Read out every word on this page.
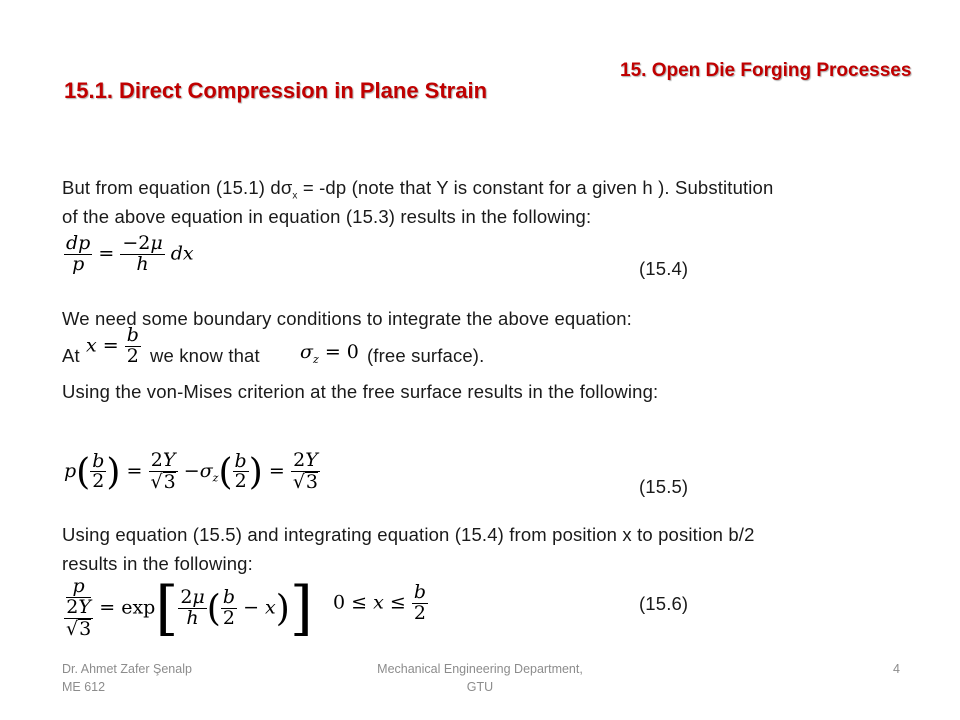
15. Open Die Forging Processes
15.1. Direct Compression in Plane Strain
But from equation (15.1) $d\sigma_x = -dp$ (note that Y is constant for a given h ). Substitution
of the above equation in equation (15.3) results in the following:
$\frac{dp}{p} = \frac{-2\mu}{h}$ dx
(15.4)
We need some boundary conditions to integrate the above equation:
At $x = \frac{b}{2}$ we know that $\sigma_z = 0$ (free surface).
Using the von-Mises criterion at the free surface results in the following:
$p( \frac{b}{2}$ ) = $\frac{2Y}{√3} -\sigma_z( \frac{b}{2}$ ) = $\frac{2Y}{√3}$	(15.5)
Using equation (15.5) and integrating equation (15.4) from position x to position b/2
results in the following:
p
2Y
$√3 = \exp[ \frac{2\mu}{h}$ ( $\frac{b}{2} - x$)] $0 \le x \le \frac{b}{2}$	(15.6)
Dr. Ahmet Zafer Şenalp
ME 612
Mechanical Engineering Department,
GTU
4
